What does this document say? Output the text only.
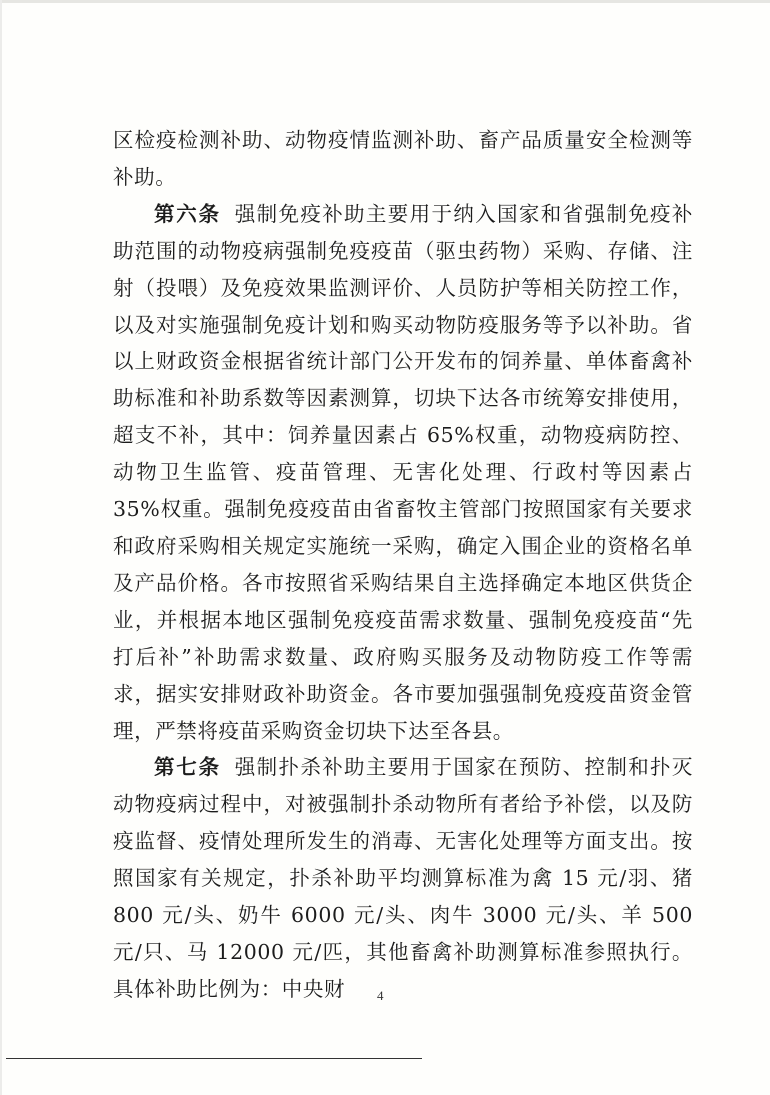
区检疫检测补助、动物疫情监测补助、畜产品质量安全检测等补助。

第六条 强制免疫补助主要用于纳入国家和省强制免疫补助范围的动物疫病强制免疫疫苗（驱虫药物）采购、存储、注射（投喂）及免疫效果监测评价、人员防护等相关防控工作，以及对实施强制免疫计划和购买动物防疫服务等予以补助。省以上财政资金根据省统计部门公开发布的饲养量、单体畜禽补助标准和补助系数等因素测算，切块下达各市统筹安排使用，超支不补，其中：饲养量因素占 65%权重，动物疫病防控、动物卫生监管、疫苗管理、无害化处理、行政村等因素占 35%权重。强制免疫疫苗由省畜牧主管部门按照国家有关要求和政府采购相关规定实施统一采购，确定入围企业的资格名单及产品价格。各市按照省采购结果自主选择确定本地区供货企业，并根据本地区强制免疫疫苗需求数量、强制免疫疫苗“先打后补”补助需求数量、政府购买服务及动物防疫工作等需求，据实安排财政补助资金。各市要加强强制免疫疫苗资金管理，严禁将疫苗采购资金切块下达至各县。

第七条 强制扑杀补助主要用于国家在预防、控制和扑灭动物疫病过程中，对被强制扑杀动物所有者给予补偿，以及防疫监督、疫情处理所发生的消毒、无害化处理等方面支出。按照国家有关规定，扑杀补助平均测算标准为禽 15 元/羽、猪 800 元/头、奶牛 6000 元/头、肉牛 3000 元/头、羊 500 元/只、马 12000 元/匹，其他畜禽补助测算标准参照执行。具体补助比例为：中央财	4
